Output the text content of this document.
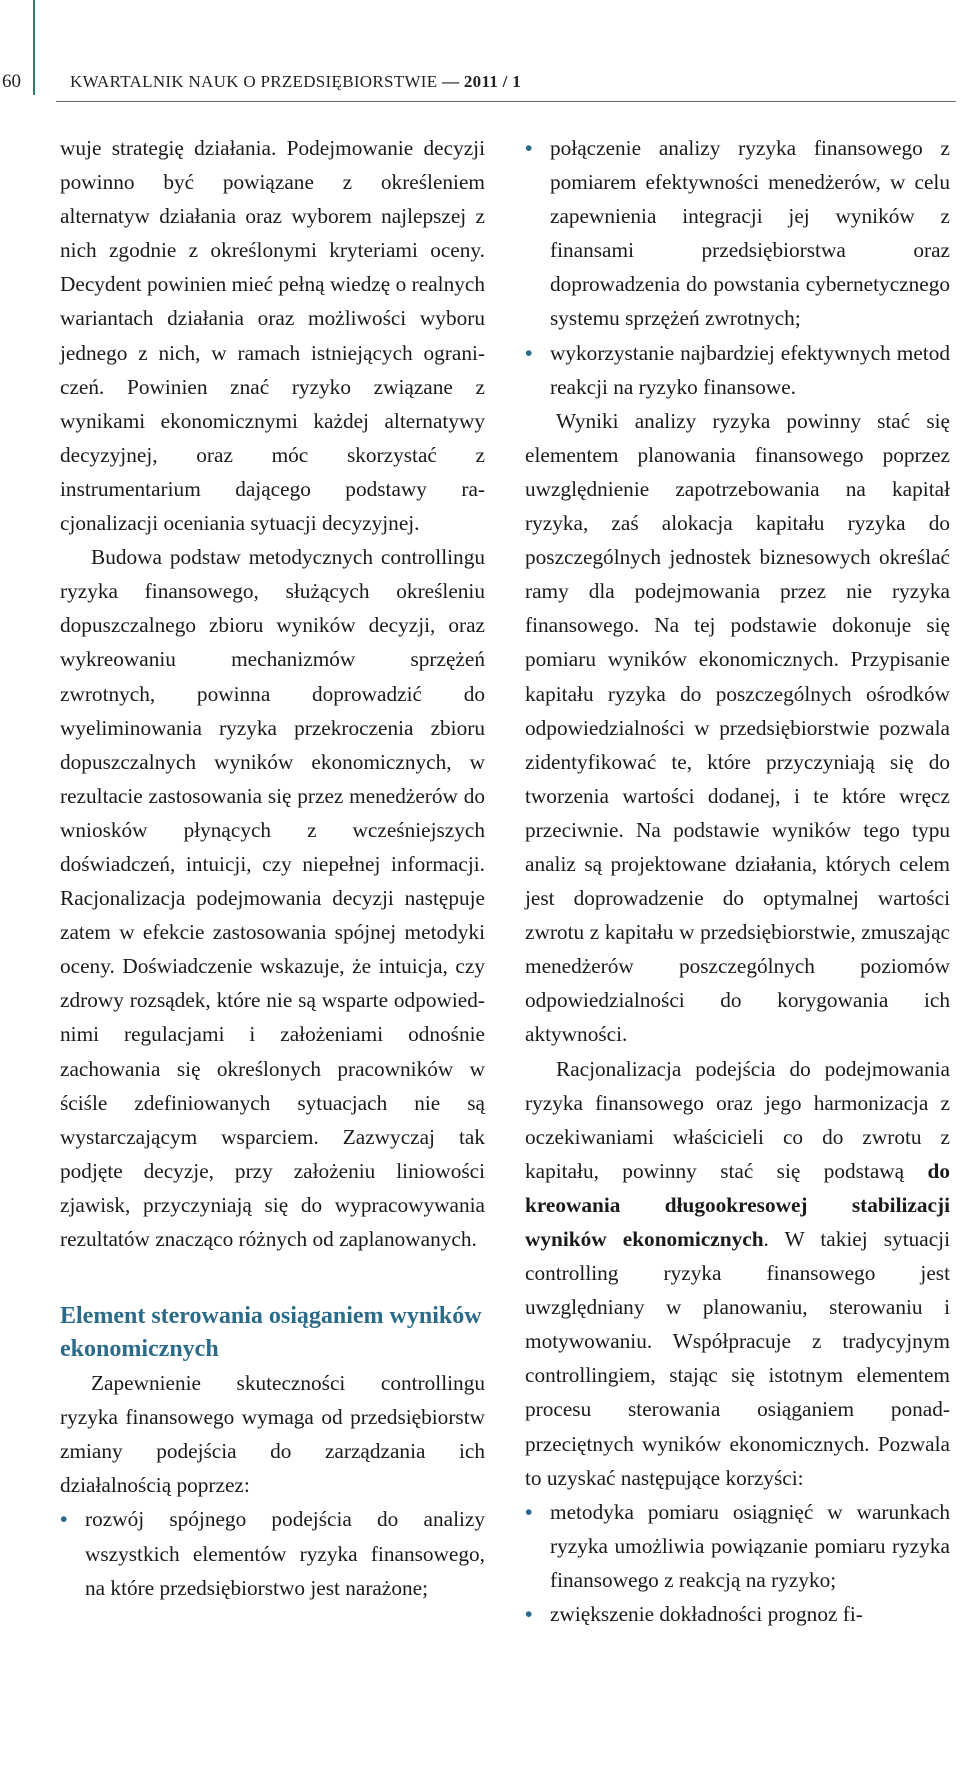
60	KWARTALNIK NAUK O PRZEDSIĘBIORSTWIE — 2011 / 1

wuje strategię działania. Podejmowanie decyzji powinno być powiązane z określeniem alternatyw działania oraz wyborem najlepszej z nich zgodnie z określonymi kryteriami oceny. Decydent powinien mieć pełną wiedzę o realnych wariantach działania oraz możliwości wyboru jednego z nich, w ramach istniejących ograniczeń. Powinien znać ryzyko związane z wynikami ekonomicznymi każdej alternatywy decyzyjnej, oraz móc skorzystać z instrumentarium dającego podstawy racjonalizacji oceniania sytuacji decyzyjnej.

Budowa podstaw metodycznych controllingu ryzyka finansowego, służących określeniu dopuszczalnego zbioru wyników decyzji, oraz wykreowaniu mechanizmów sprzężeń zwrotnych, powinna doprowadzić do wyeliminowania ryzyka przekroczenia zbioru dopuszczalnych wyników ekonomicznych, w rezultacie zastosowania się przez menedżerów do wniosków płynących z wcześniejszych doświadczeń, intuicji, czy niepełnej informacji. Racjonalizacja podejmowania decyzji następuje zatem w efekcie zastosowania spójnej metodyki oceny. Doświadczenie wskazuje, że intuicja, czy zdrowy rozsądek, które nie są wsparte odpowiednimi regulacjami i założeniami odnośnie zachowania się określonych pracowników w ściśle zdefiniowanych sytuacjach nie są wystarczającym wsparciem. Zazwyczaj tak podjęte decyzje, przy założeniu liniowości zjawisk, przyczyniają się do wypracowywania rezultatów znacząco różnych od zaplanowanych.

Element sterowania osiąganiem wyników ekonomicznych

Zapewnienie skuteczności controllingu ryzyka finansowego wymaga od przedsiębiorstw zmiany podejścia do zarządzania ich działalnością poprzez:

• rozwój spójnego podejścia do analizy wszystkich elementów ryzyka finansowego, na które przedsiębiorstwo jest narażone;
• połączenie analizy ryzyka finansowego z pomiarem efektywności menedżerów, w celu zapewnienia integracji jej wyników z finansami przedsiębiorstwa oraz doprowadzenia do powstania cybernetycznego systemu sprzężeń zwrotnych;
• wykorzystanie najbardziej efektywnych metod reakcji na ryzyko finansowe.

Wyniki analizy ryzyka powinny stać się elementem planowania finansowego poprzez uwzględnienie zapotrzebowania na kapitał ryzyka, zaś alokacja kapitału ryzyka do poszczególnych jednostek biznesowych określać ramy dla podejmowania przez nie ryzyka finansowego. Na tej podstawie dokonuje się pomiaru wyników ekonomicznych. Przypisanie kapitału ryzyka do poszczególnych ośrodków odpowiedzialności w przedsiębiorstwie pozwala zidentyfikować te, które przyczyniają się do tworzenia wartości dodanej, i te które wręcz przeciwnie. Na podstawie wyników tego typu analiz są projektowane działania, których celem jest doprowadzenie do optymalnej wartości zwrotu z kapitału w przedsiębiorstwie, zmuszając menedżerów poszczególnych poziomów odpowiedzialności do korygowania ich aktywności.

Racjonalizacja podejścia do podejmowania ryzyka finansowego oraz jego harmonizacja z oczekiwaniami właścicieli co do zwrotu z kapitału, powinny stać się podstawą do kreowania długookresowej stabilizacji wyników ekonomicznych. W takiej sytuacji controlling ryzyka finansowego jest uwzględniany w planowaniu, sterowaniu i motywowaniu. Współpracuje z tradycyjnym controllingiem, stając się istotnym elementem procesu sterowania osiąganiem ponadprzeciętnych wyników ekonomicznych. Pozwala to uzyskać następujące korzyści:

• metodyka pomiaru osiągnięć w warunkach ryzyka umożliwia powiązanie pomiaru ryzyka finansowego z reakcją na ryzyko;
• zwiększenie dokładności prognoz fi-
